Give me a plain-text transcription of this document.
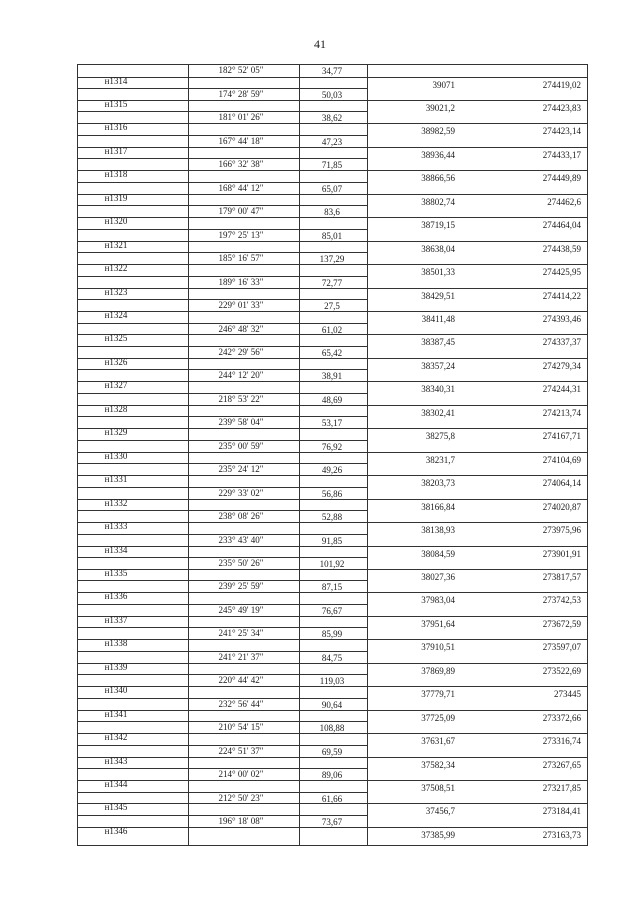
41
182° 52' 05"	34,77
н1314	39071	274419,02
174° 28' 59"	50,03
н1315	39021,2	274423,83
181° 01' 26"	38,62
н1316	38982,59	274423,14
167° 44' 18"	47,23
н1317	38936,44	274433,17
166° 32' 38"	71,85
н1318	38866,56	274449,89
168° 44' 12"	65,07
н1319	38802,74	274462,6
179° 00' 47"	83,6
н1320	38719,15	274464,04
197° 25' 13"	85,01
н1321	38638,04	274438,59
185° 16' 57"	137,29
н1322	38501,33	274425,95
189° 16' 33"	72,77
н1323	38429,51	274414,22
229° 01' 33"	27,5
н1324	38411,48	274393,46
246° 48' 32"	61,02
н1325	38387,45	274337,37
242° 29' 56"	65,42
н1326	38357,24	274279,34
244° 12' 20"	38,91
н1327	38340,31	274244,31
218° 53' 22"	48,69
н1328	38302,41	274213,74
239° 58' 04"	53,17
н1329	38275,8	274167,71
235° 00' 59"	76,92
н1330	38231,7	274104,69
235° 24' 12"	49,26
н1331	38203,73	274064,14
229° 33' 02"	56,86
н1332	38166,84	274020,87
238° 08' 26"	52,88
н1333	38138,93	273975,96
233° 43' 40"	91,85
н1334	38084,59	273901,91
235° 50' 26"	101,92
н1335	38027,36	273817,57
239° 25' 59"	87,15
н1336	37983,04	273742,53
245° 49' 19"	76,67
н1337	37951,64	273672,59
241° 25' 34"	85,99
н1338	37910,51	273597,07
241° 21' 37"	84,75
н1339	37869,89	273522,69
220° 44' 42"	119,03
н1340	37779,71	273445
232° 56' 44"	90,64
н1341	37725,09	273372,66
210° 54' 15"	108,88
н1342	37631,67	273316,74
224° 51' 37"	69,59
н1343	37582,34	273267,65
214° 00' 02"	89,06
н1344	37508,51	273217,85
212° 50' 23"	61,66
н1345	37456,7	273184,41
196° 18' 08"	73,67
н1346	37385,99	273163,73
